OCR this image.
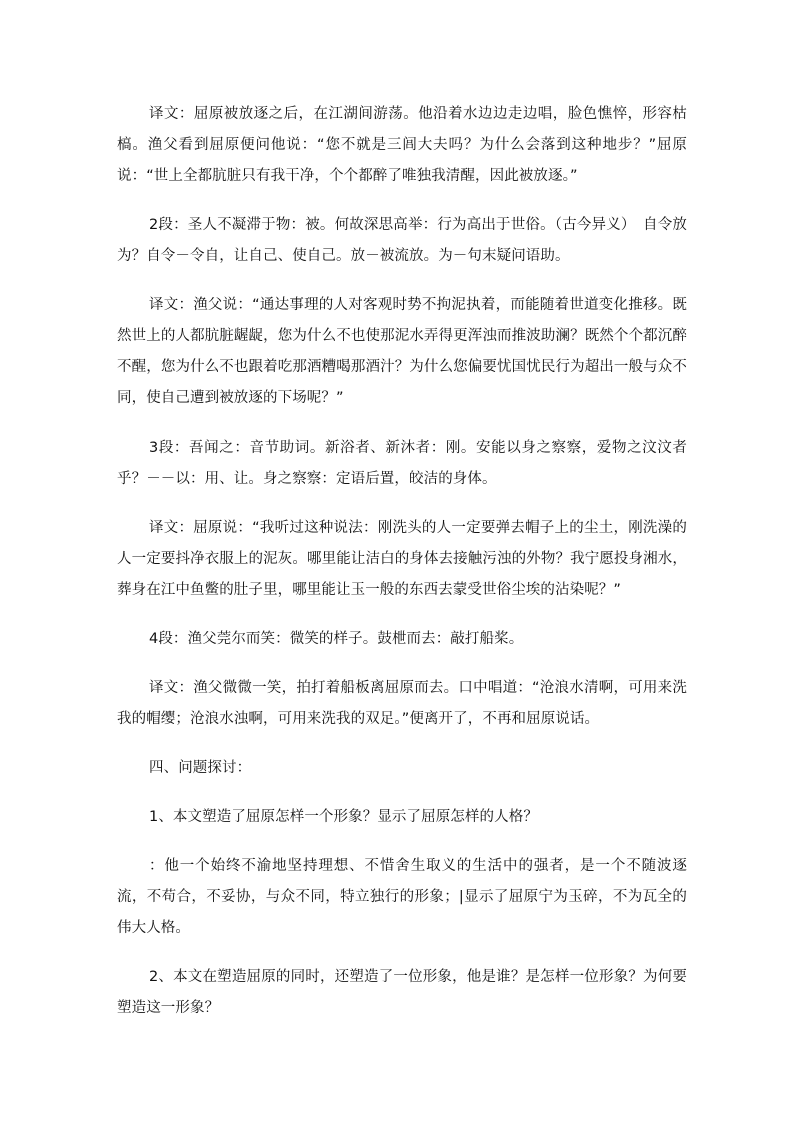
译文：屈原被放逐之后，在江湖间游荡。他沿着水边边走边唱，脸色憔悴，形容枯槁。渔父看到屈原便问他说：“您不就是三闾大夫吗？为什么会落到这种地步？”屈原说：“世上全都肮脏只有我干净，个个都醉了唯独我清醒，因此被放逐。”

2段：圣人不凝滞于物：被。何故深思高举：行为高出于世俗。（古今异义）　自令放为？自令－令自，让自己、使自己。放－被流放。为－句末疑问语助。

译文：渔父说：“通达事理的人对客观时势不拘泥执着，而能随着世道变化推移。既然世上的人都肮脏龌龊，您为什么不也使那泥水弄得更浑浊而推波助澜？既然个个都沉醉不醒，您为什么不也跟着吃那酒糟喝那酒汁？为什么您偏要忧国忧民行为超出一般与众不同，使自己遭到被放逐的下场呢？”

3段：吾闻之：音节助词。新浴者、新沐者：刚。安能以身之察察，爱物之汶汶者乎？－－以：用、让。身之察察：定语后置，皎洁的身体。

译文：屈原说：“我听过这种说法：刚洗头的人一定要弹去帽子上的尘土，刚洗澡的人一定要抖净衣服上的泥灰。哪里能让洁白的身体去接触污浊的外物？我宁愿投身湘水，葬身在江中鱼鳖的肚子里，哪里能让玉一般的东西去蒙受世俗尘埃的沾染呢？”

4段：渔父莞尔而笑：微笑的样子。鼓枻而去：敲打船桨。

译文：渔父微微一笑，拍打着船板离屈原而去。口中唱道：“沧浪水清啊，可用来洗我的帽缨；沧浪水浊啊，可用来洗我的双足。”便离开了，不再和屈原说话。

四、问题探讨：

1、本文塑造了屈原怎样一个形象？显示了屈原怎样的人格？

：他一个始终不渝地坚持理想、不惜舍生取义的生活中的强者，是一个不随波逐流，不苟合，不妥协，与众不同，特立独行的形象；|显示了屈原宁为玉碎，不为瓦全的伟大人格。

2、本文在塑造屈原的同时，还塑造了一位形象，他是谁？是怎样一位形象？为何要塑造这一形象？
